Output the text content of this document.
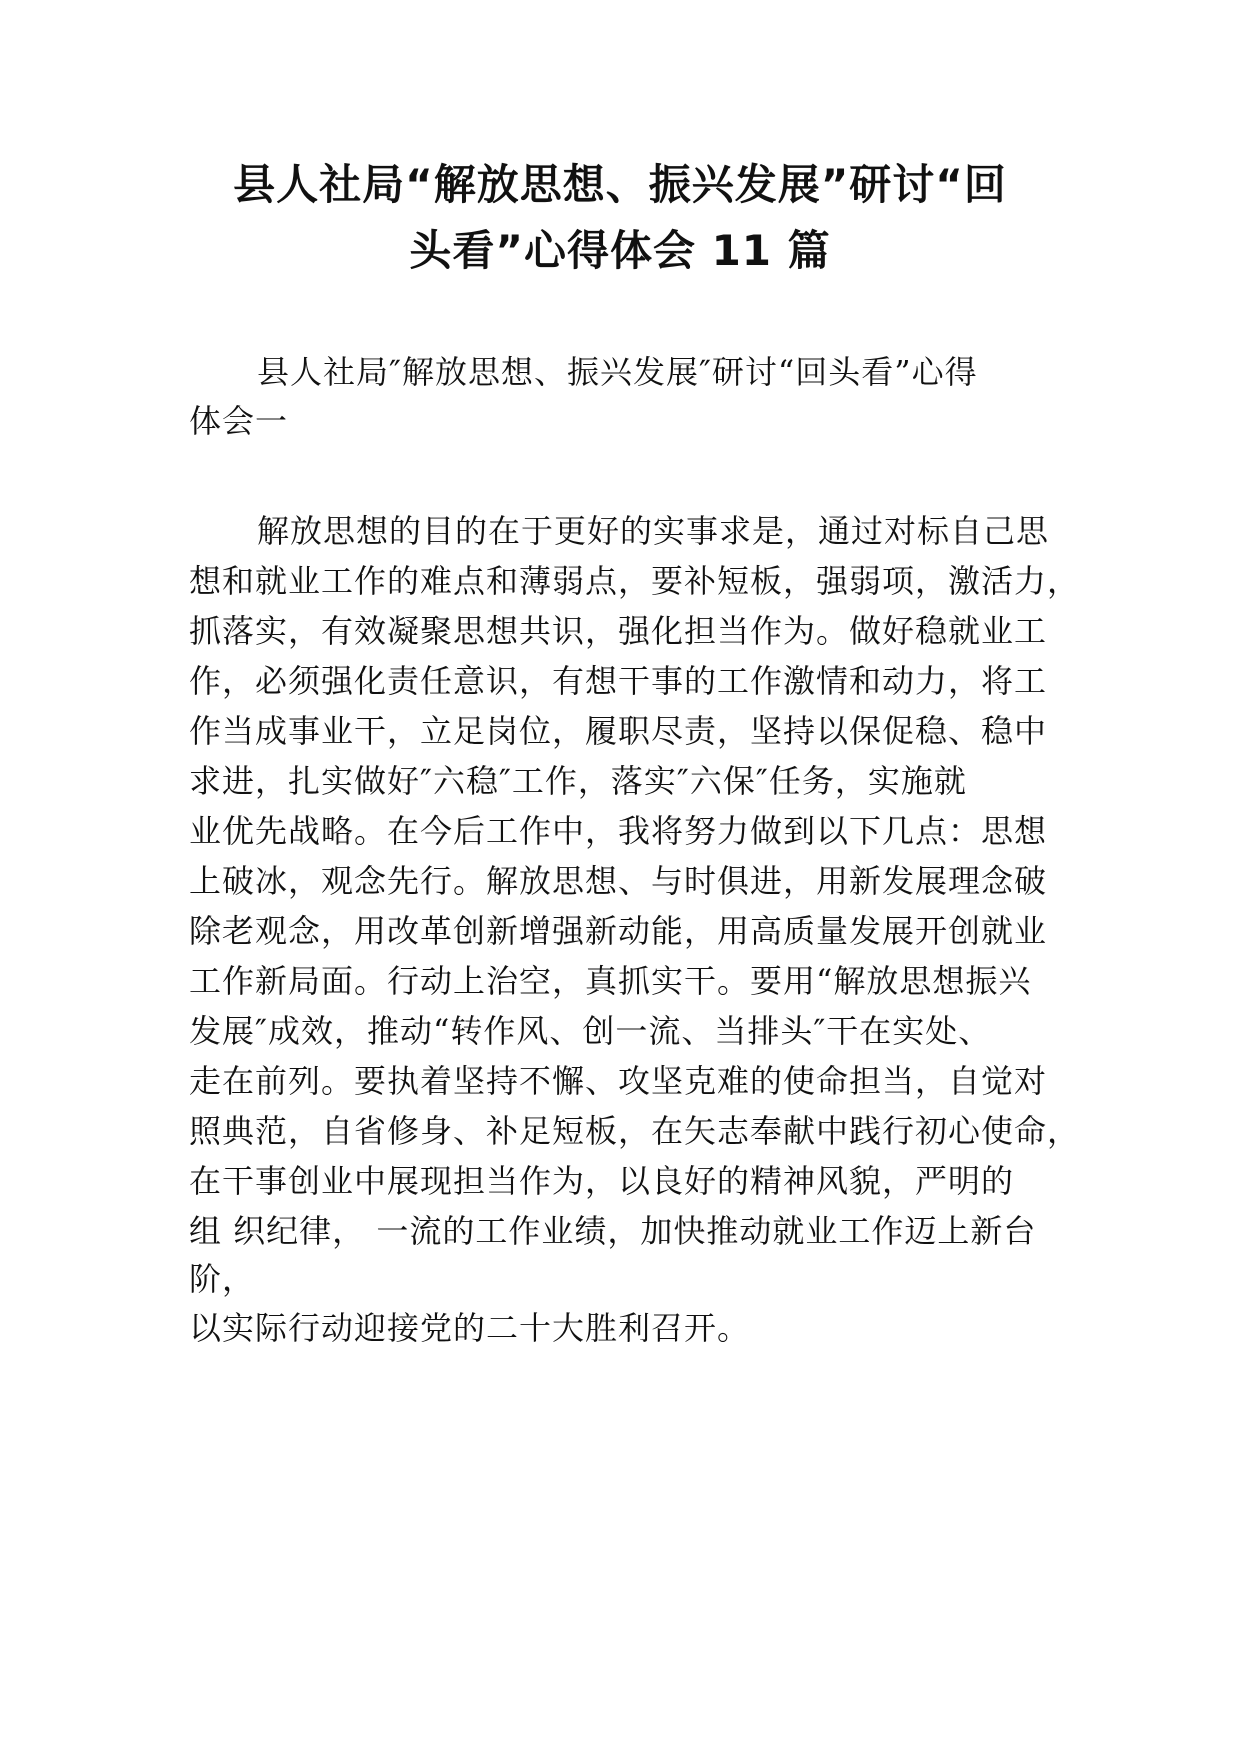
县人社局“解放思想、振兴发展”研讨“回
头看”心得体会 11 篇

县人社局″解放思想、振兴发展″研讨“回头看”心得

体会一

解放思想的目的在于更好的实事求是，通过对标自己思

想和就业工作的难点和薄弱点，要补短板，强弱项，激活力，

抓落实，有效凝聚思想共识，强化担当作为。做好稳就业工

作，必须强化责任意识，有想干事的工作激情和动力，将工

作当成事业干，立足岗位，履职尽责，坚持以保促稳、稳中

求进，扎实做好″六稳″工作，落实″六保″任务，实施就

业优先战略。在今后工作中，我将努力做到以下几点：思想

上破冰，观念先行。解放思想、与时俱进，用新发展理念破

除老观念，用改革创新增强新动能，用高质量发展开创就业

工作新局面。行动上治空，真抓实干。要用“解放思想振兴

发展″成效，推动“转作风、创一流、当排头″干在实处、

走在前列。要执着坚持不懈、攻坚克难的使命担当，自觉对

照典范，自省修身、补足短板，在矢志奉献中践行初心使命，

在干事创业中展现担当作为，以良好的精神风貌，严明的

组 织纪律， 一流的工作业绩，加快推动就业工作迈上新台

阶，

以实际行动迎接党的二十大胜利召开。
